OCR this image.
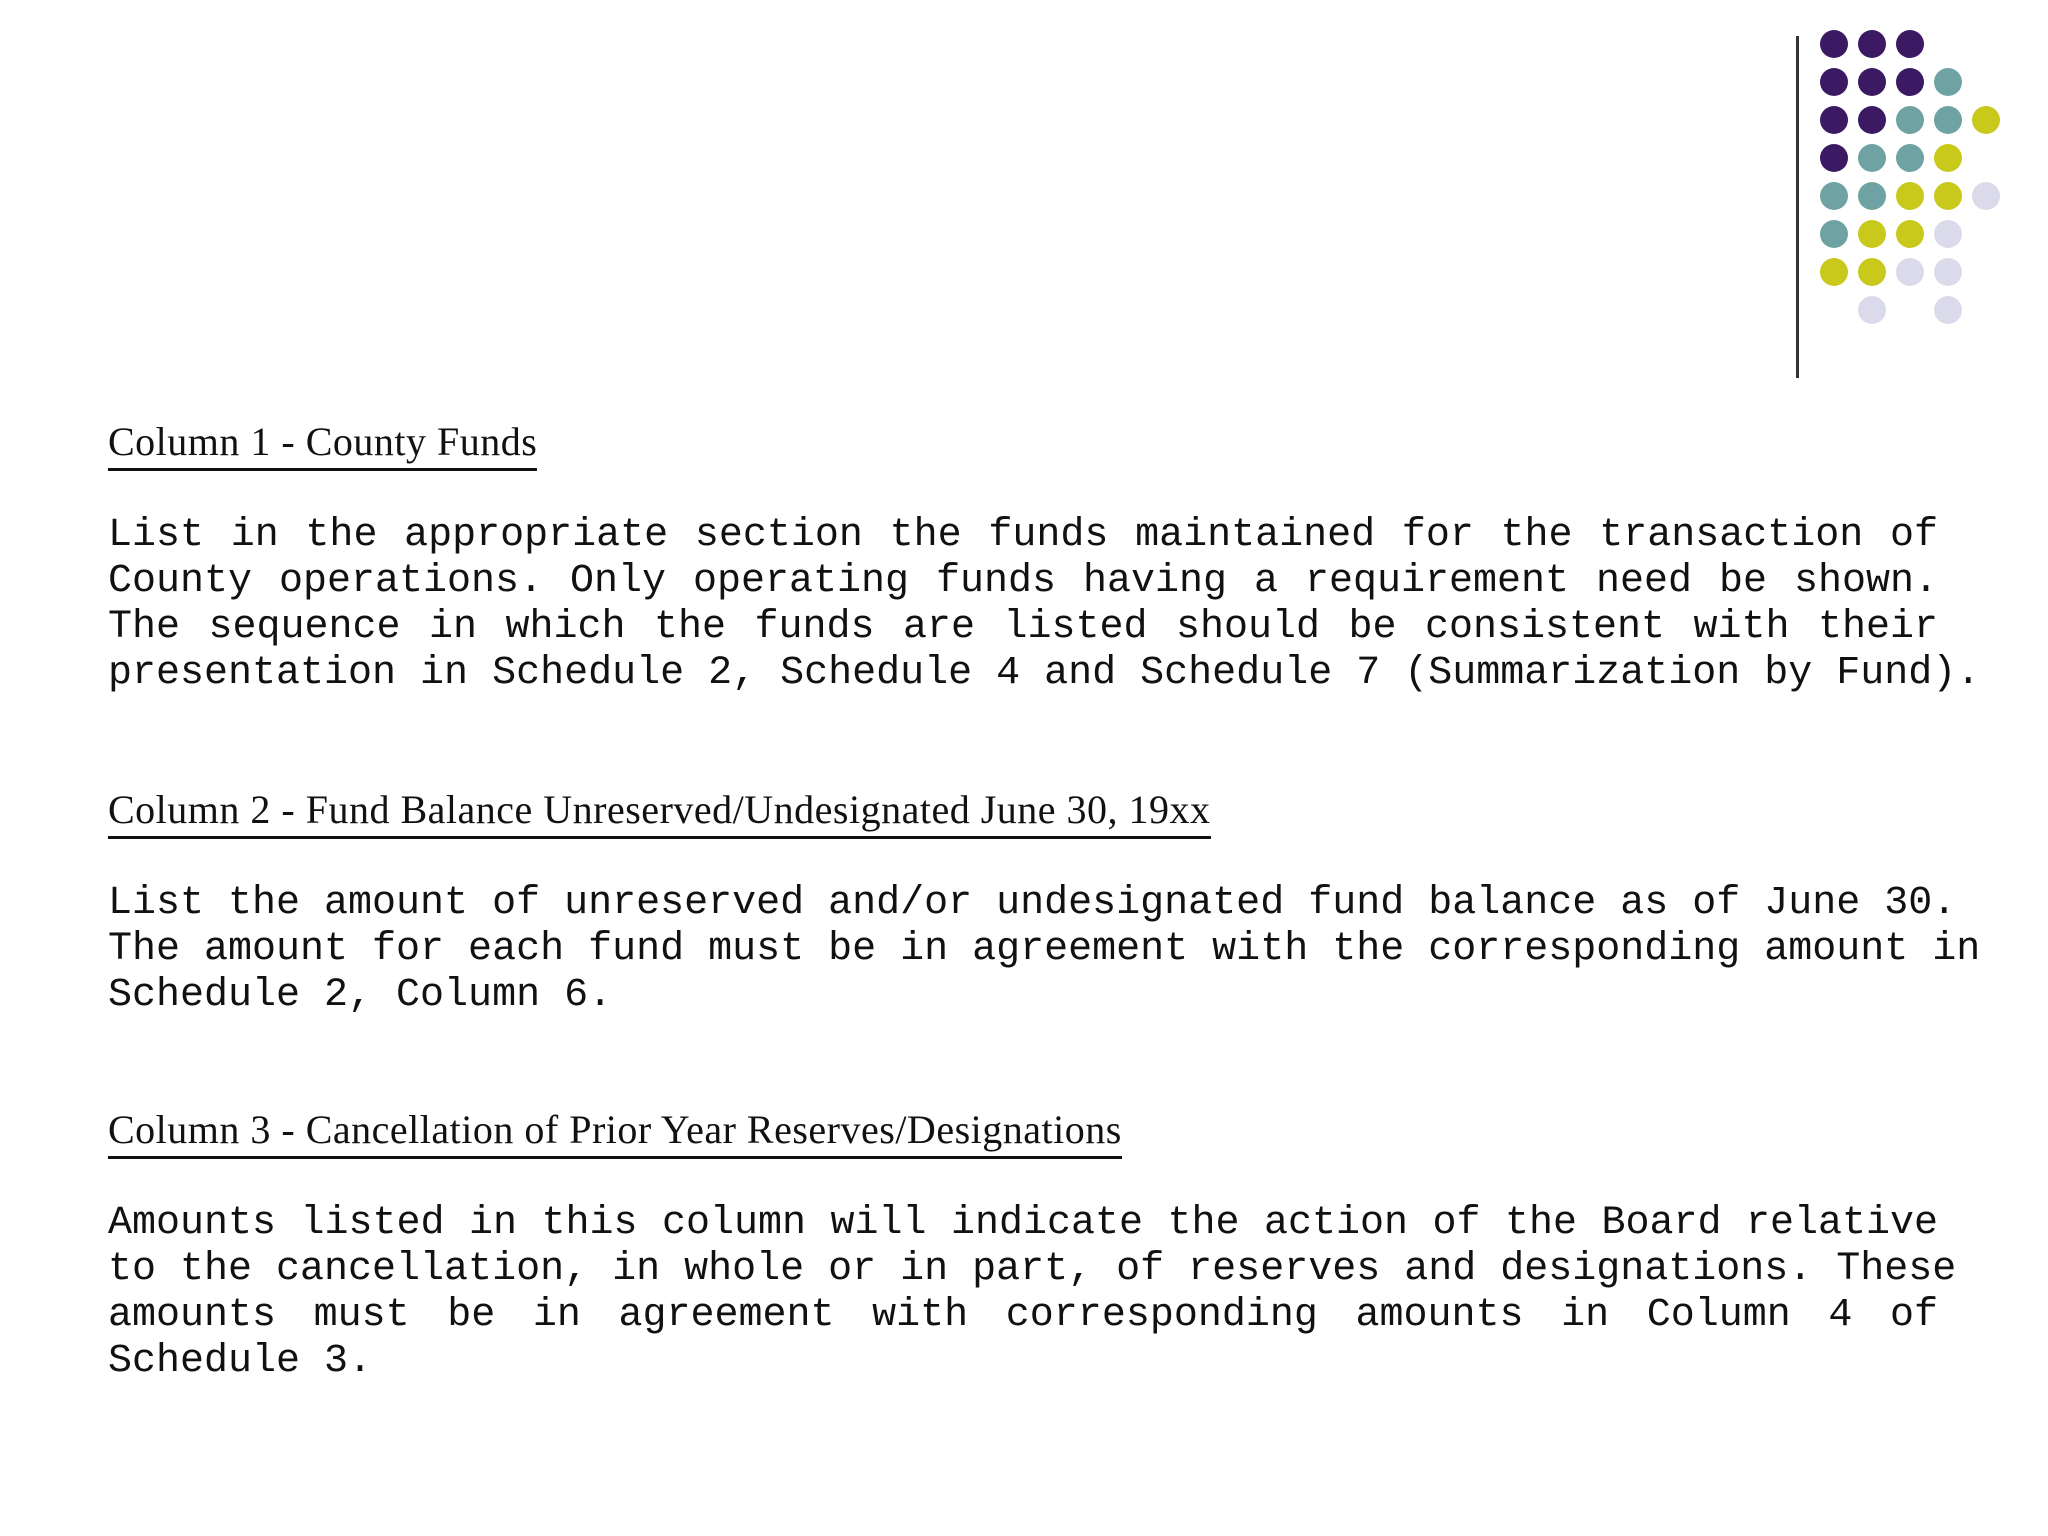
Column 1 - County Funds
List in the appropriate section the funds maintained for the transaction of
County operations. Only operating funds having a requirement need be shown.
The sequence in which the funds are listed should be consistent with their
presentation in Schedule 2, Schedule 4 and Schedule 7 (Summarization by Fund).
Column 2 - Fund Balance Unreserved/Undesignated June 30, 19xx
List the amount of unreserved and/or undesignated fund balance as of June 30.
The amount for each fund must be in agreement with the corresponding amount in
Schedule 2, Column 6.
Column 3 - Cancellation of Prior Year Reserves/Designations
Amounts listed in this column will indicate the action of the Board relative
to the cancellation, in whole or in part, of reserves and designations. These
amounts must be in agreement with corresponding amounts in Column 4 of
Schedule 3.
